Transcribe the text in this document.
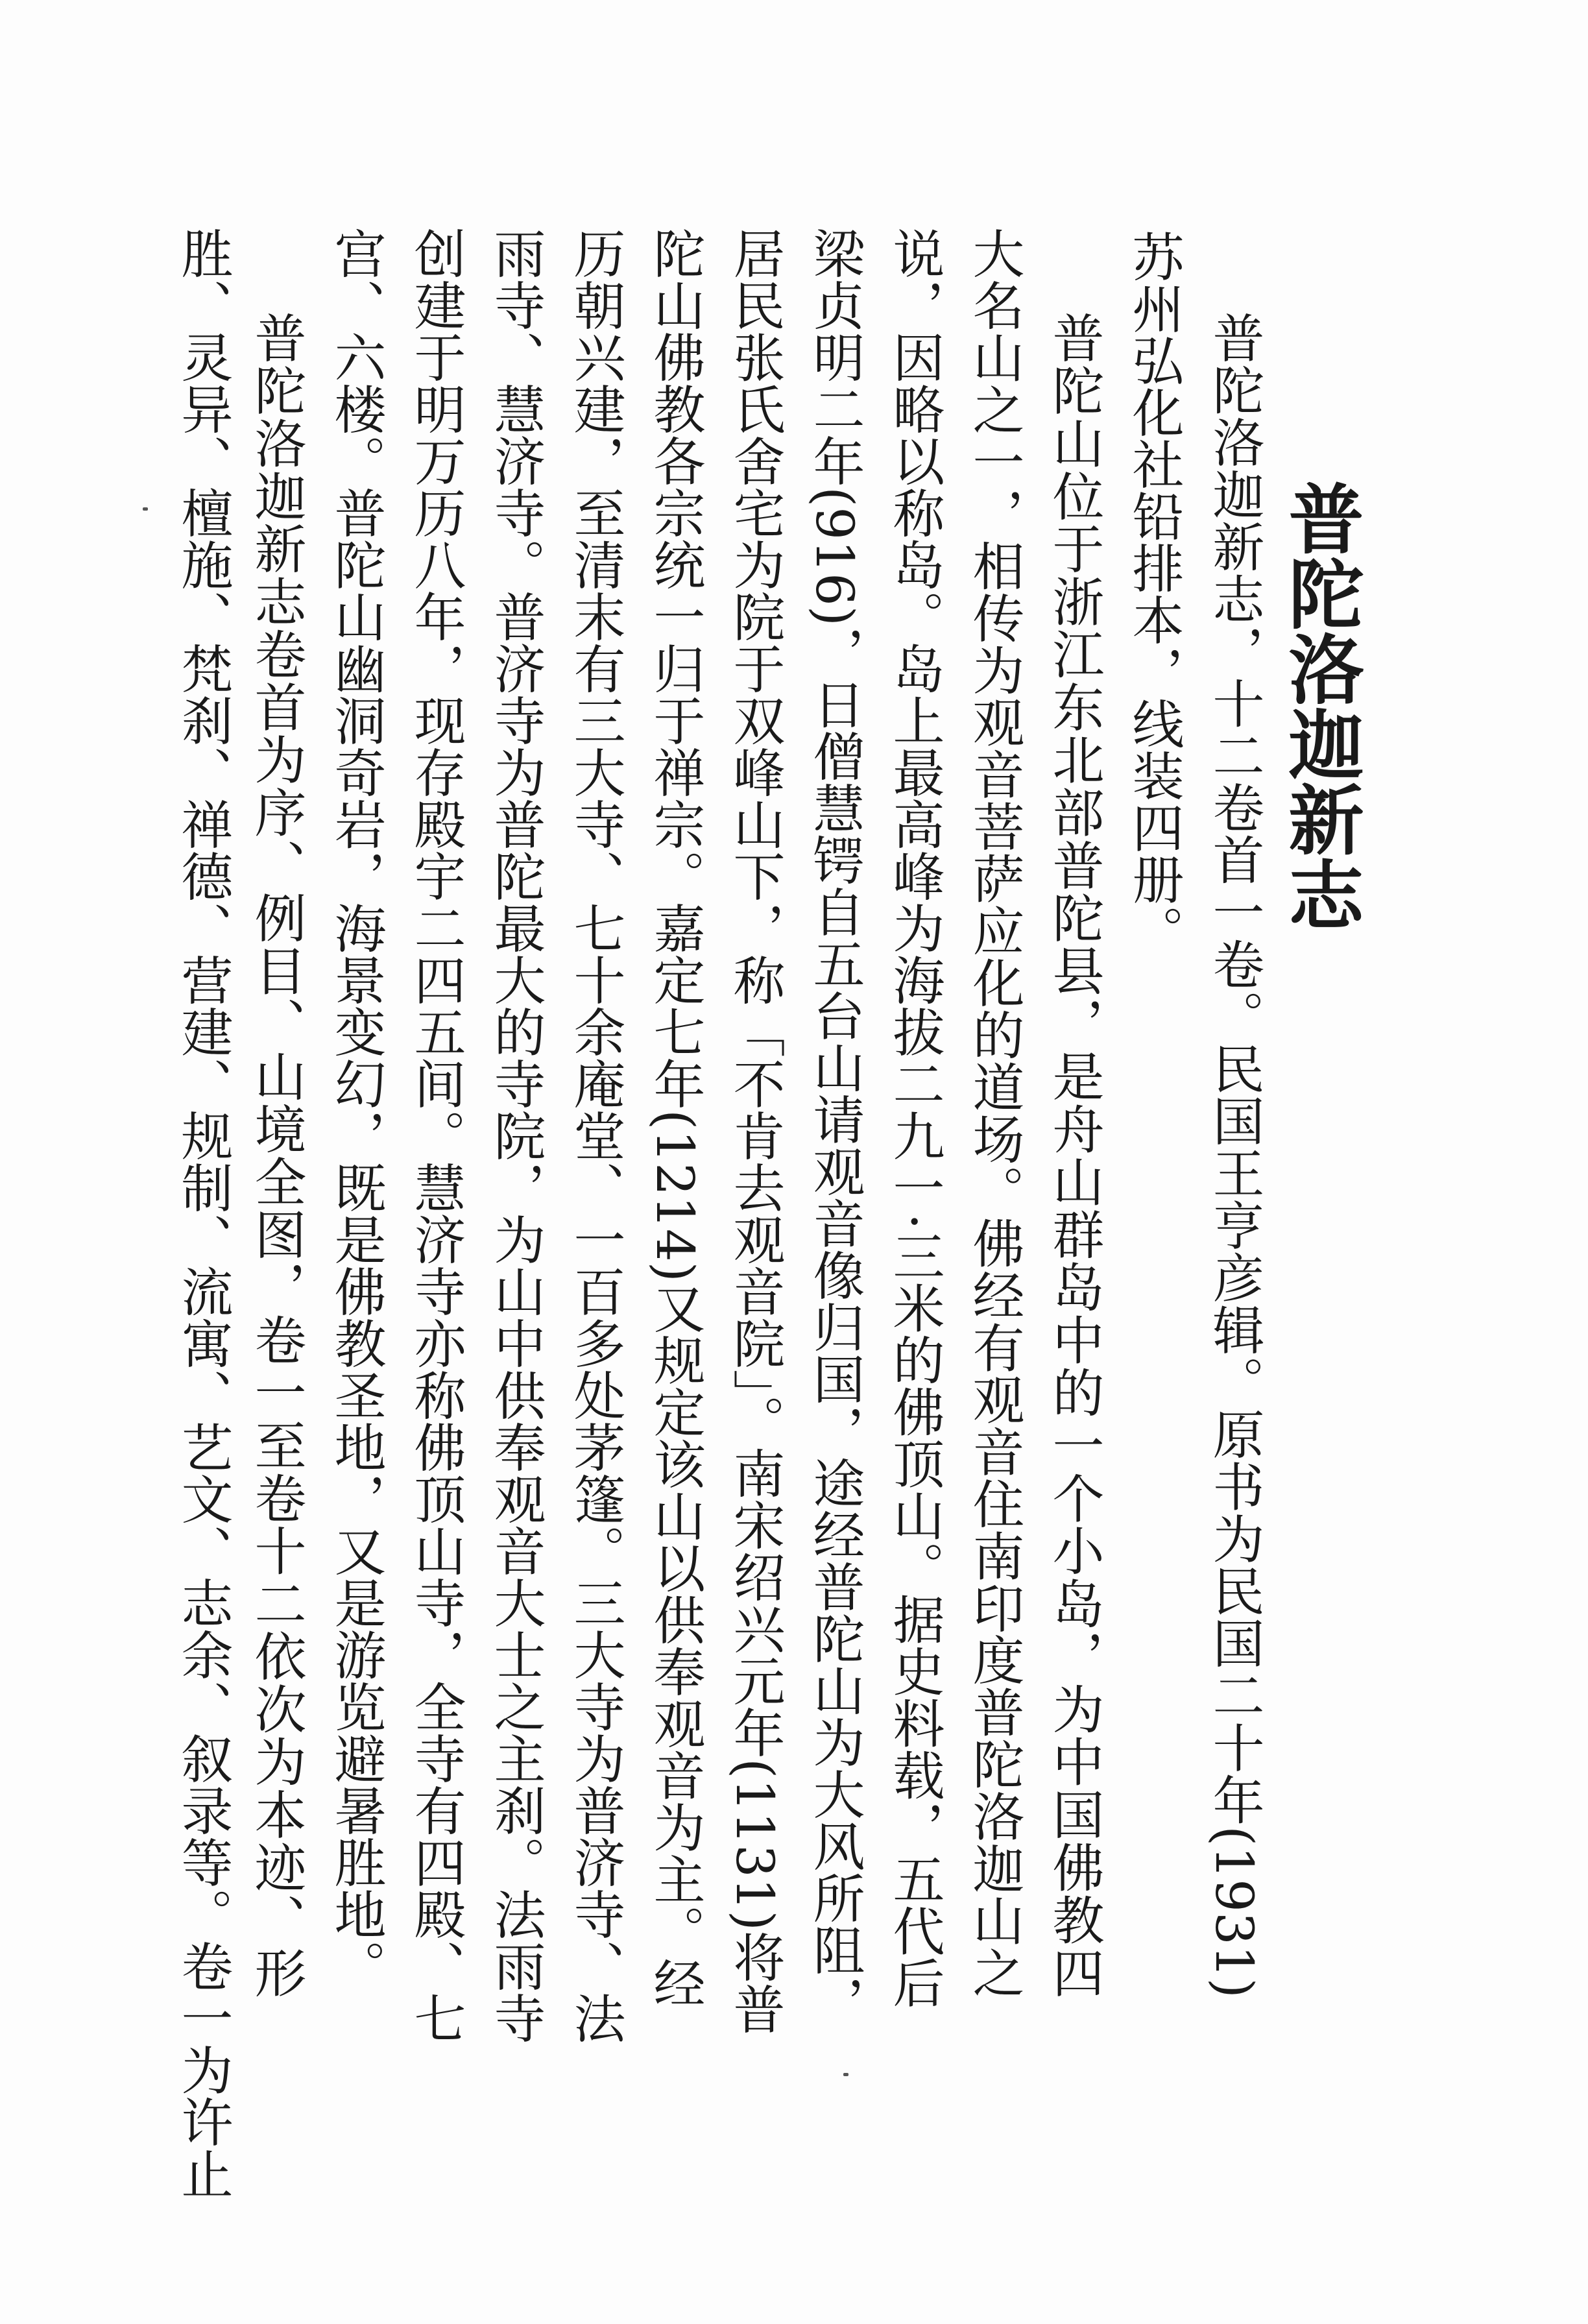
普陀洛迦新志
普陀洛迦新志，十二卷首一卷。民国王亨彦辑。原书为民国二十年(1931)
苏州弘化社铅排本，线装四册。
普陀山位于浙江东北部普陀县，是舟山群岛中的一个小岛，为中国佛教四
大名山之一，相传为观音菩萨应化的道场。佛经有观音住南印度普陀洛迦山之
说，因略以称岛。岛上最高峰为海拔二九一·三米的佛顶山。据史料载，五代后
梁贞明二年(916)，日僧慧锷自五台山请观音像归国，途经普陀山为大风所阻，
居民张氏舍宅为院于双峰山下，称「不肯去观音院」。南宋绍兴元年(1131)将普
陀山佛教各宗统一归于禅宗。嘉定七年(1214)又规定该山以供奉观音为主。经
历朝兴建，至清末有三大寺、七十余庵堂、一百多处茅篷。三大寺为普济寺、法
雨寺、慧济寺。普济寺为普陀最大的寺院，为山中供奉观音大士之主刹。法雨寺
创建于明万历八年，现存殿宇二四五间。慧济寺亦称佛顶山寺，全寺有四殿、七
宫、六楼。普陀山幽洞奇岩，海景变幻，既是佛教圣地，又是游览避暑胜地。
普陀洛迦新志卷首为序、例目、山境全图，卷一至卷十二依次为本迹、形
胜、灵异、檀施、梵刹、禅德、营建、规制、流寓、艺文、志余、叙录等。卷一为许止
